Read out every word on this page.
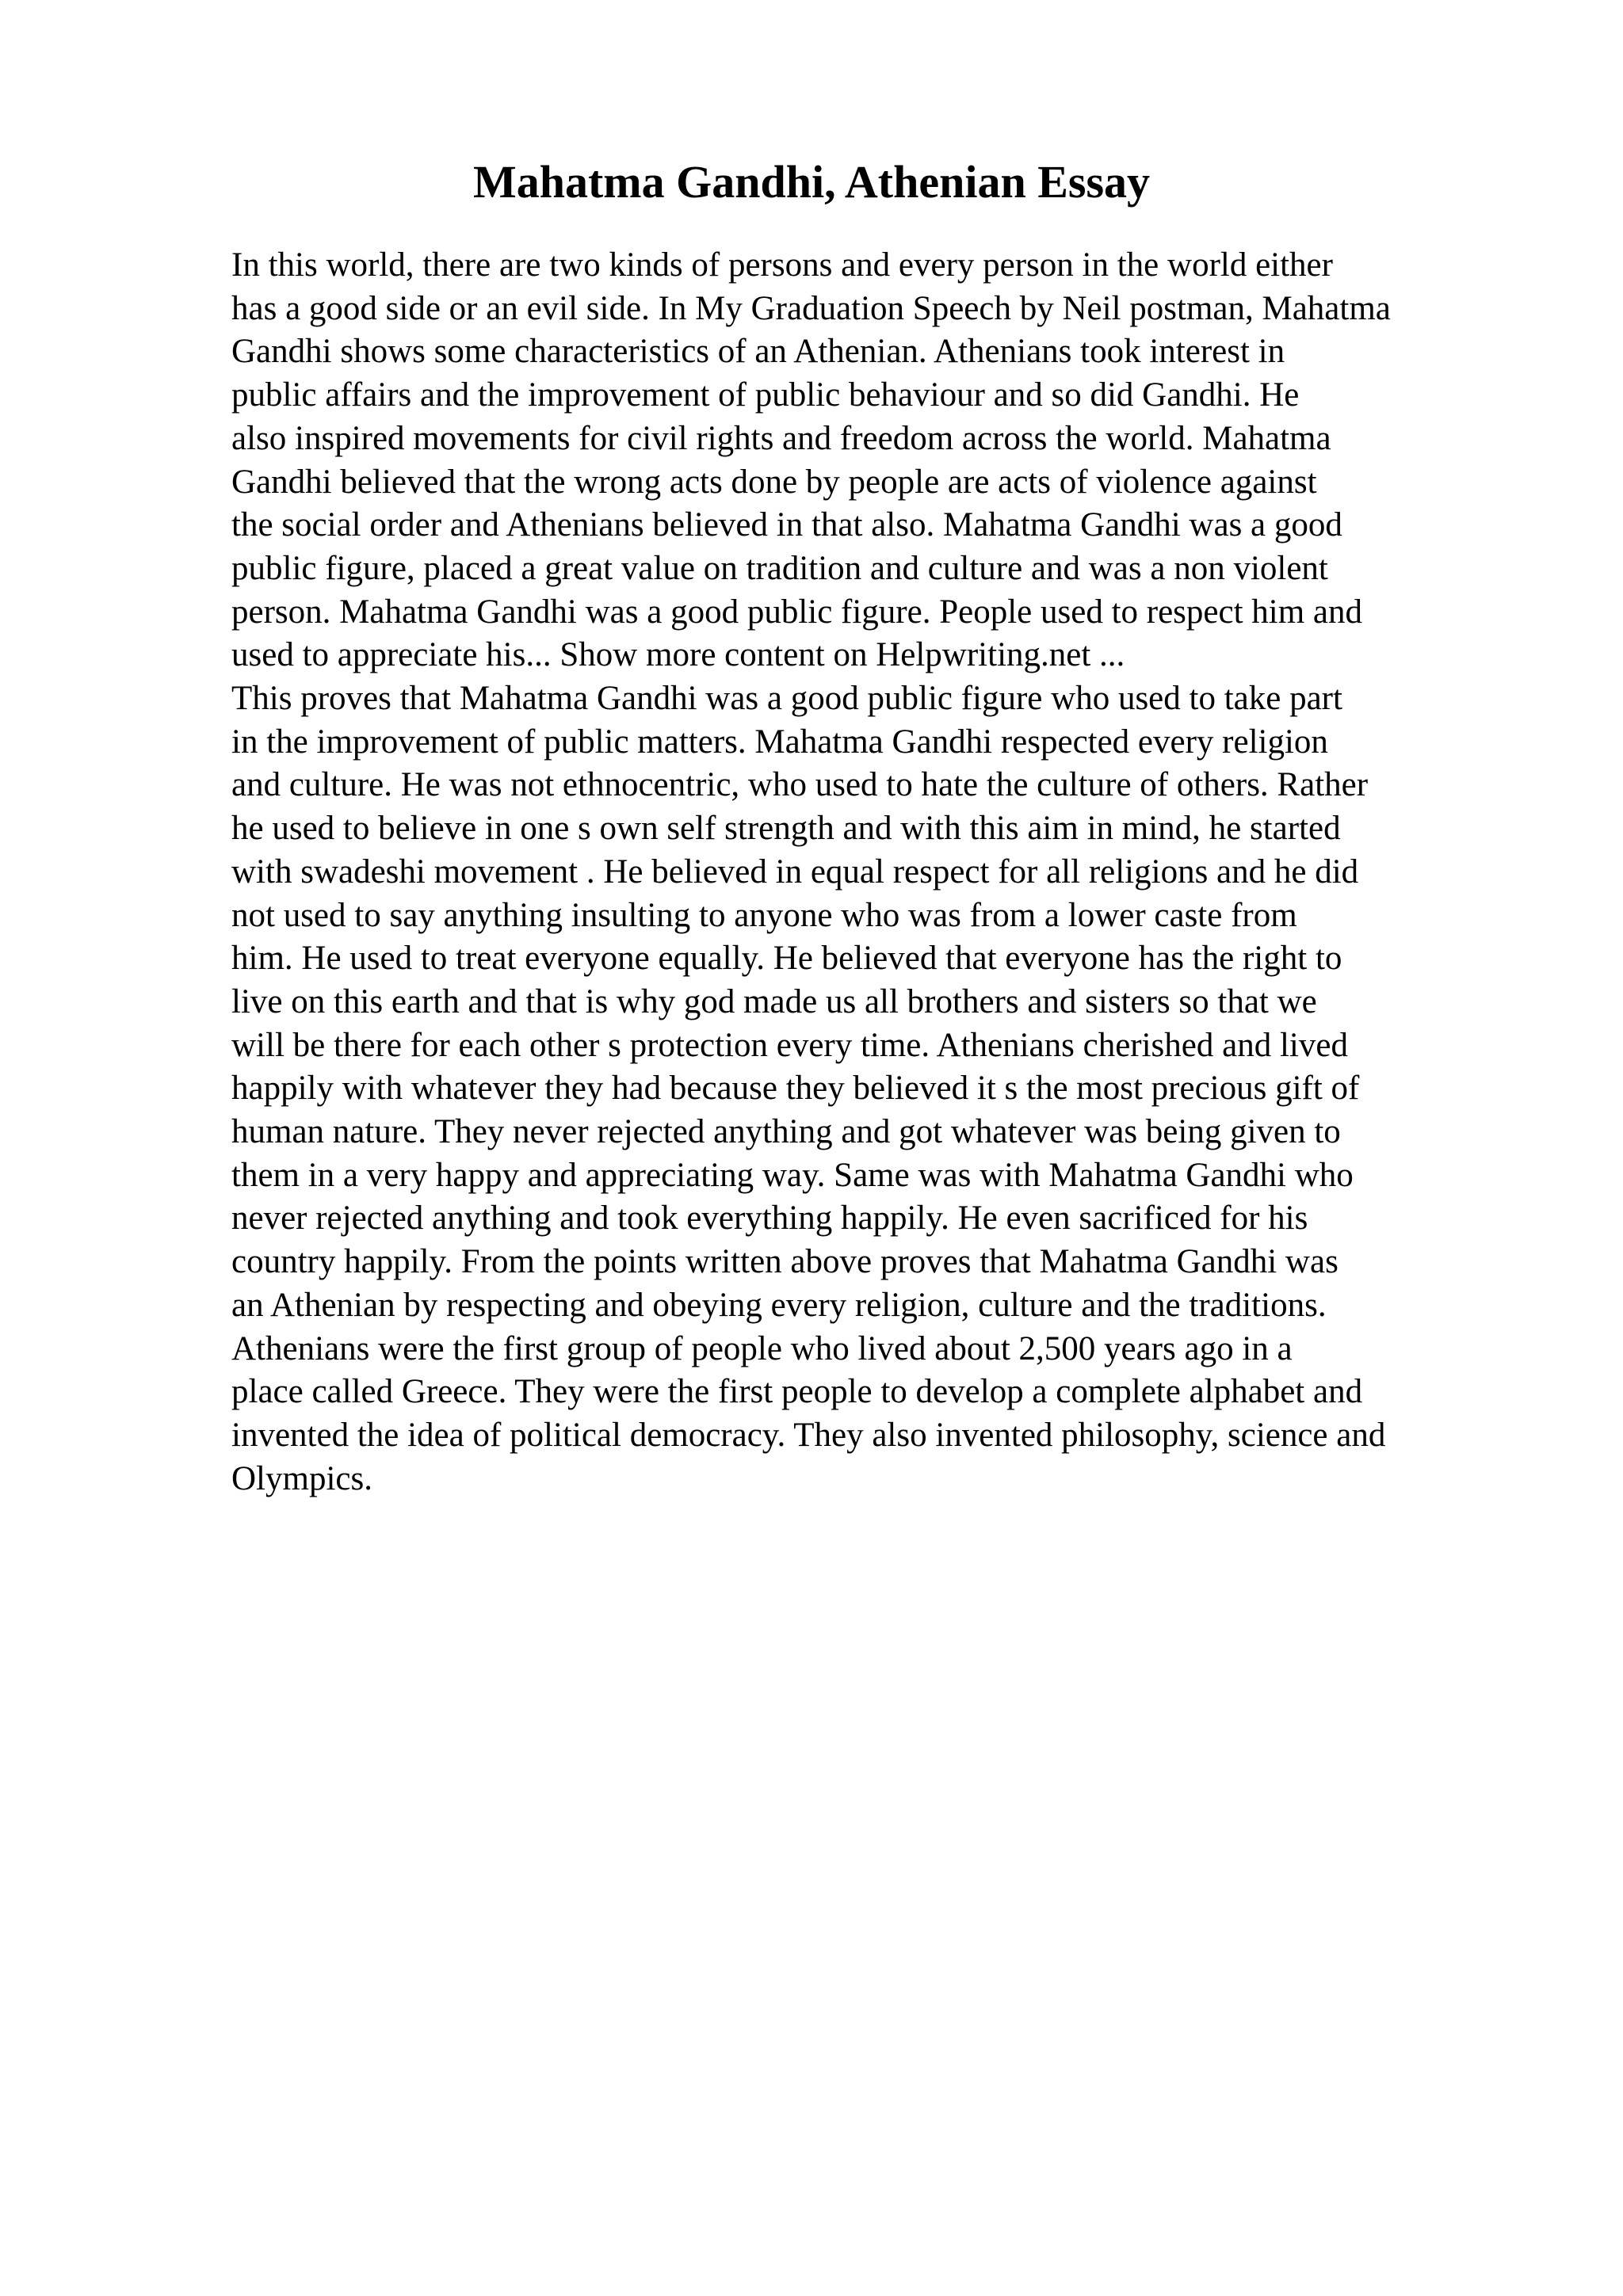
Mahatma Gandhi, Athenian Essay
In this world, there are two kinds of persons and every person in the world either
has a good side or an evil side. In My Graduation Speech by Neil postman, Mahatma
Gandhi shows some characteristics of an Athenian. Athenians took interest in
public affairs and the improvement of public behaviour and so did Gandhi. He
also inspired movements for civil rights and freedom across the world. Mahatma
Gandhi believed that the wrong acts done by people are acts of violence against
the social order and Athenians believed in that also. Mahatma Gandhi was a good
public figure, placed a great value on tradition and culture and was a non violent
person. Mahatma Gandhi was a good public figure. People used to respect him and
used to appreciate his... Show more content on Helpwriting.net ...
This proves that Mahatma Gandhi was a good public figure who used to take part
in the improvement of public matters. Mahatma Gandhi respected every religion
and culture. He was not ethnocentric, who used to hate the culture of others. Rather
he used to believe in one s own self strength and with this aim in mind, he started
with swadeshi movement . He believed in equal respect for all religions and he did
not used to say anything insulting to anyone who was from a lower caste from
him. He used to treat everyone equally. He believed that everyone has the right to
live on this earth and that is why god made us all brothers and sisters so that we
will be there for each other s protection every time. Athenians cherished and lived
happily with whatever they had because they believed it s the most precious gift of
human nature. They never rejected anything and got whatever was being given to
them in a very happy and appreciating way. Same was with Mahatma Gandhi who
never rejected anything and took everything happily. He even sacrificed for his
country happily. From the points written above proves that Mahatma Gandhi was
an Athenian by respecting and obeying every religion, culture and the traditions.
Athenians were the first group of people who lived about 2,500 years ago in a
place called Greece. They were the first people to develop a complete alphabet and
invented the idea of political democracy. They also invented philosophy, science and
Olympics.
